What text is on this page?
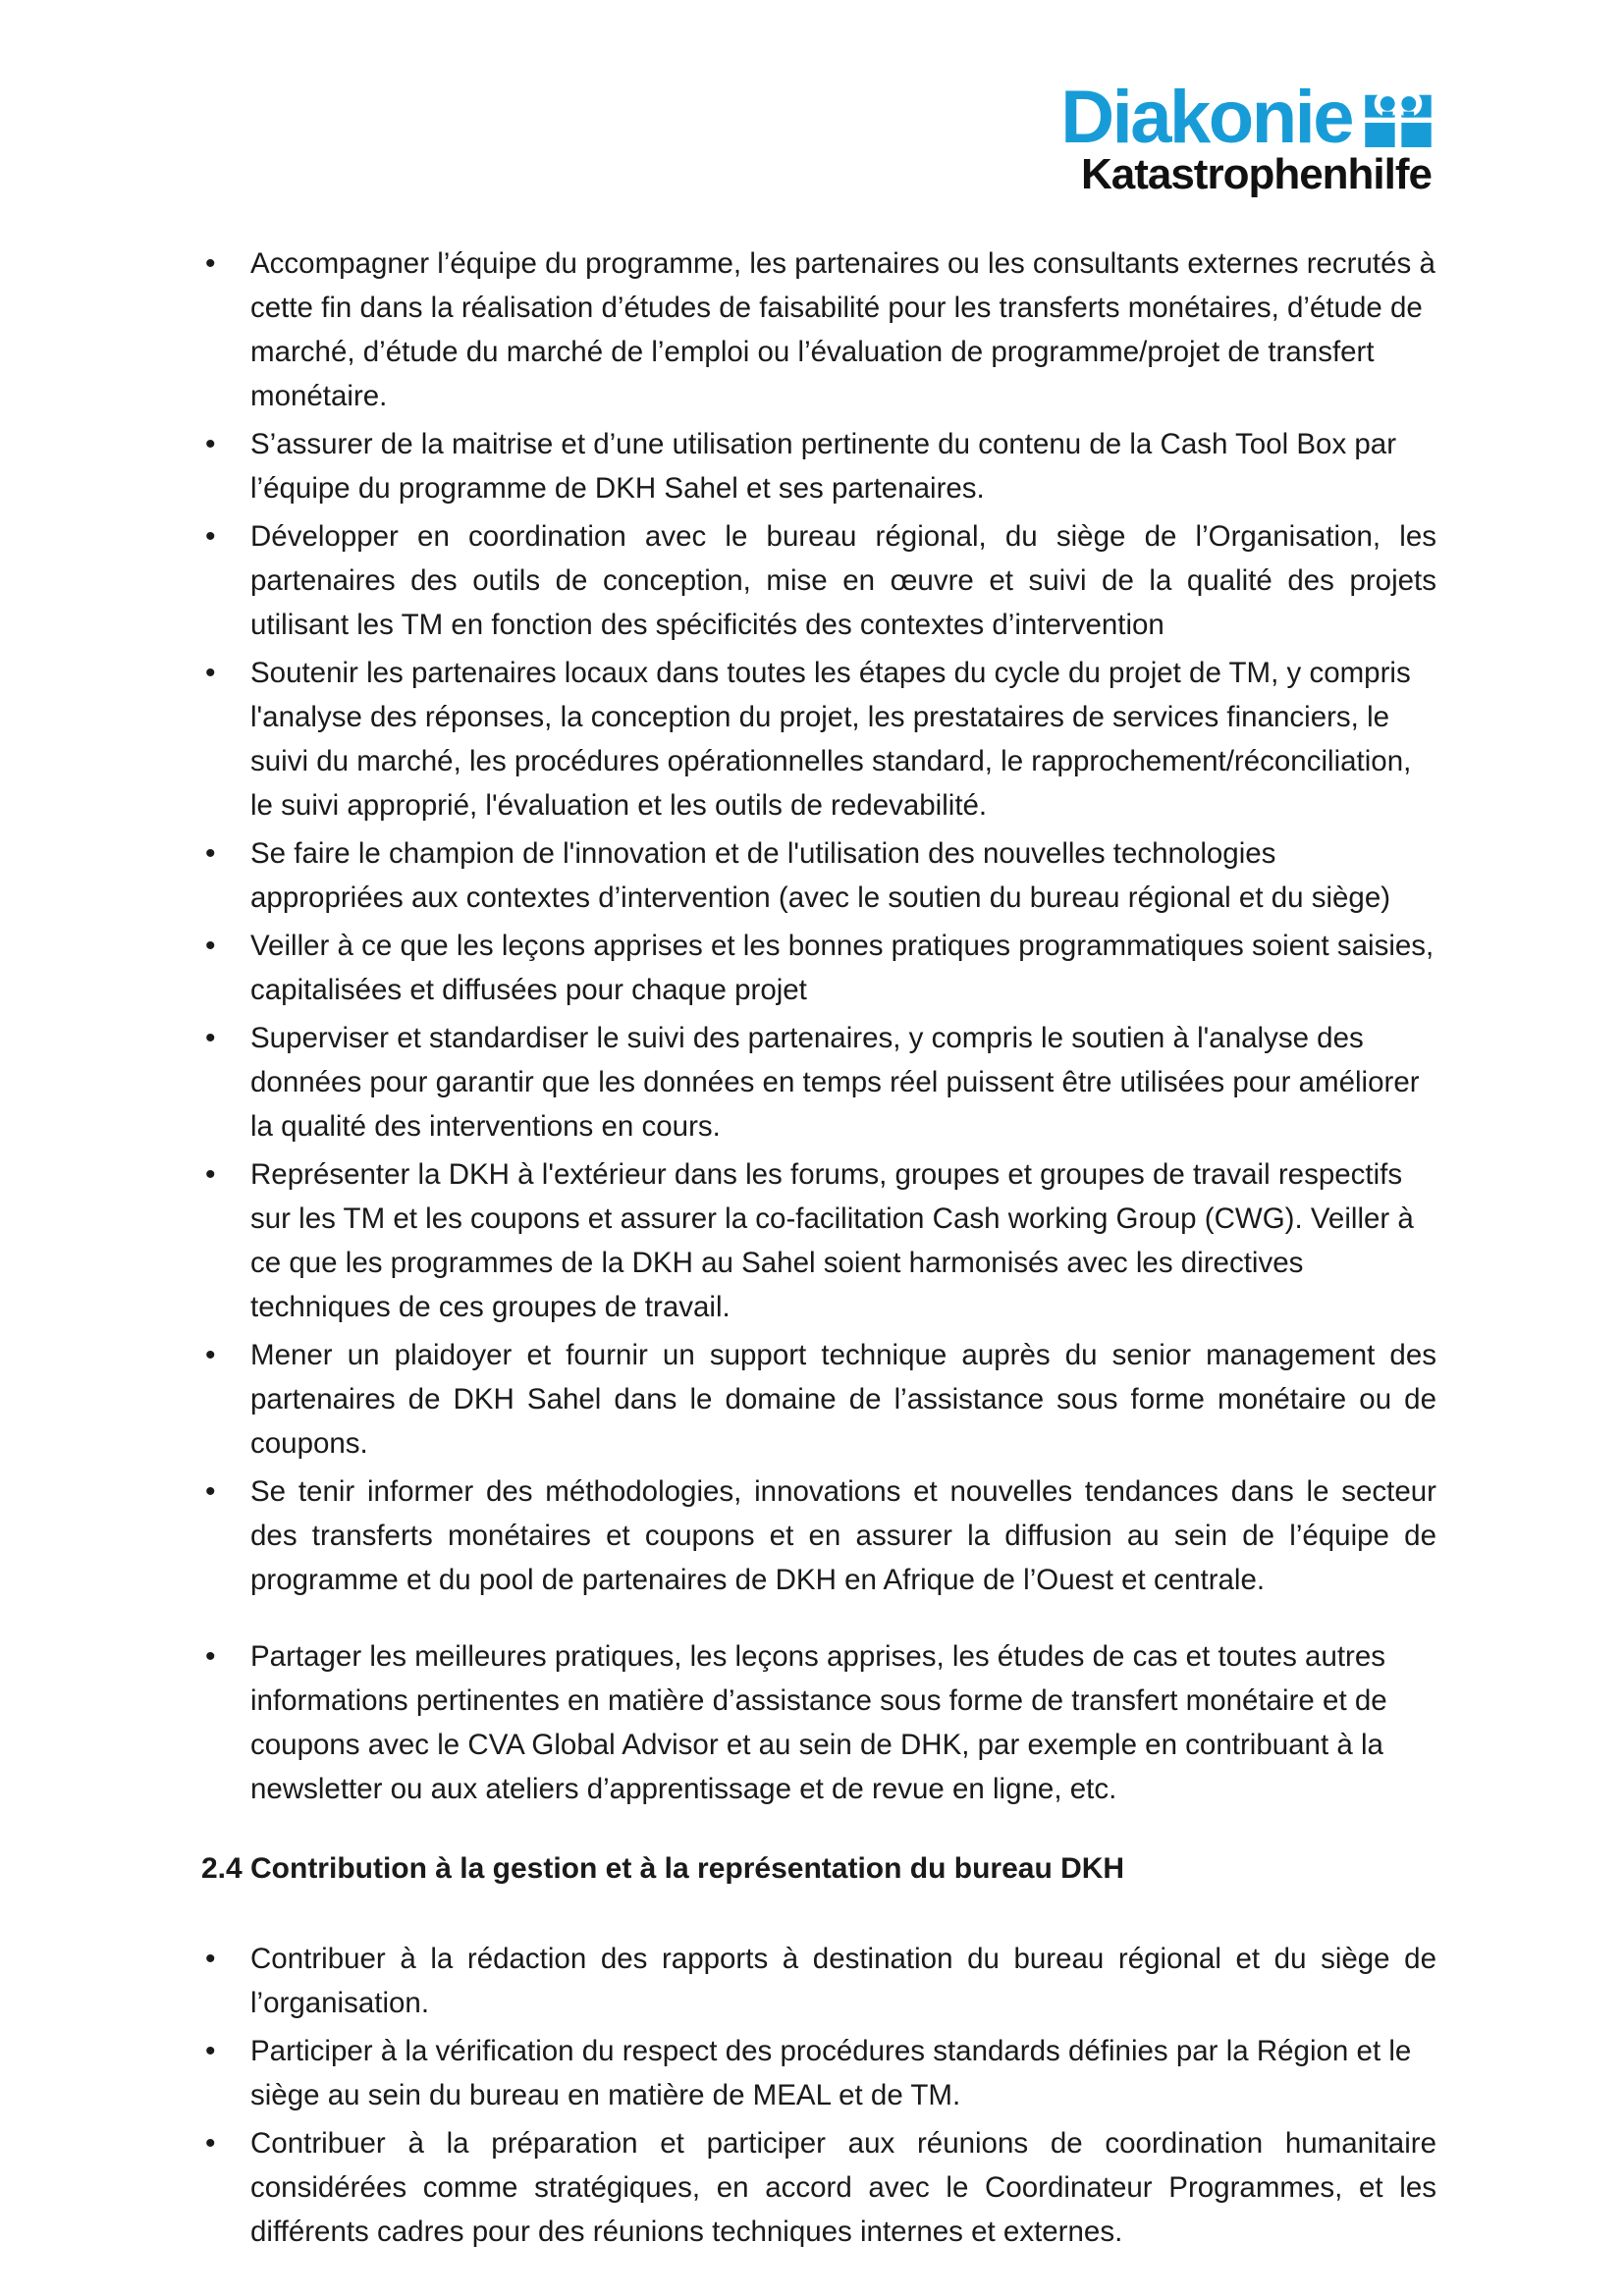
Diakonie
Katastrophenhilfe
• Accompagner l’équipe du programme, les partenaires ou les consultants externes recrutés à cette fin dans la réalisation d’études de faisabilité pour les transferts monétaires, d’étude de marché, d’étude du marché de l’emploi ou l’évaluation de programme/projet de transfert monétaire.
• S’assurer de la maitrise et d’une utilisation pertinente du contenu de la Cash Tool Box par l’équipe du programme de DKH Sahel et ses partenaires.
• Développer en coordination avec le bureau régional, du siège de l’Organisation, les partenaires des outils de conception, mise en œuvre et suivi de la qualité des projets utilisant les TM en fonction des spécificités des contextes d’intervention
• Soutenir les partenaires locaux dans toutes les étapes du cycle du projet de TM, y compris l'analyse des réponses, la conception du projet, les prestataires de services financiers, le suivi du marché, les procédures opérationnelles standard, le rapprochement/réconciliation, le suivi approprié, l'évaluation et les outils de redevabilité.
• Se faire le champion de l'innovation et de l'utilisation des nouvelles technologies appropriées aux contextes d’intervention (avec le soutien du bureau régional et du siège)
• Veiller à ce que les leçons apprises et les bonnes pratiques programmatiques soient saisies, capitalisées et diffusées pour chaque projet
• Superviser et standardiser le suivi des partenaires, y compris le soutien à l'analyse des données pour garantir que les données en temps réel puissent être utilisées pour améliorer la qualité des interventions en cours.
• Représenter la DKH à l'extérieur dans les forums, groupes et groupes de travail respectifs sur les TM et les coupons et assurer la co-facilitation Cash working Group (CWG). Veiller à ce que les programmes de la DKH au Sahel soient harmonisés avec les directives techniques de ces groupes de travail.
• Mener un plaidoyer et fournir un support technique auprès du senior management des partenaires de DKH Sahel dans le domaine de l’assistance sous forme monétaire ou de coupons.
• Se tenir informer des méthodologies, innovations et nouvelles tendances dans le secteur des transferts monétaires et coupons et en assurer la diffusion au sein de l’équipe de programme et du pool de partenaires de DKH en Afrique de l’Ouest et centrale.
• Partager les meilleures pratiques, les leçons apprises, les études de cas et toutes autres informations pertinentes en matière d’assistance sous forme de transfert monétaire et de coupons avec le CVA Global Advisor et au sein de DHK, par exemple en contribuant à la newsletter ou aux ateliers d’apprentissage et de revue en ligne, etc.
2.4 Contribution à la gestion et à la représentation du bureau DKH
• Contribuer à la rédaction des rapports à destination du bureau régional et du siège de l’organisation.
• Participer à la vérification du respect des procédures standards définies par la Région et le siège au sein du bureau en matière de MEAL et de TM.
• Contribuer à la préparation et participer aux réunions de coordination humanitaire considérées comme stratégiques, en accord avec le Coordinateur Programmes, et les différents cadres pour des réunions techniques internes et externes.
